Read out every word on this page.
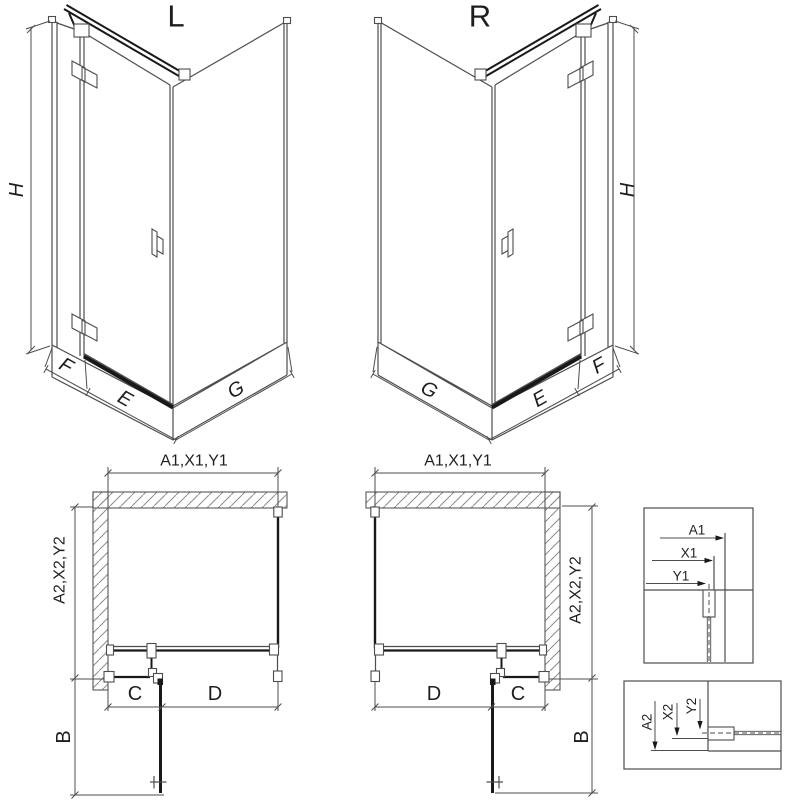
L
H
F
E	G
R
H
G	E
F
A1,X1,Y1
A2,X2,Y2
B
C	D
A1,X1,Y1
A2,X2,Y2
B
D	C
A1
X1
Y1
A2
X2 Y2
